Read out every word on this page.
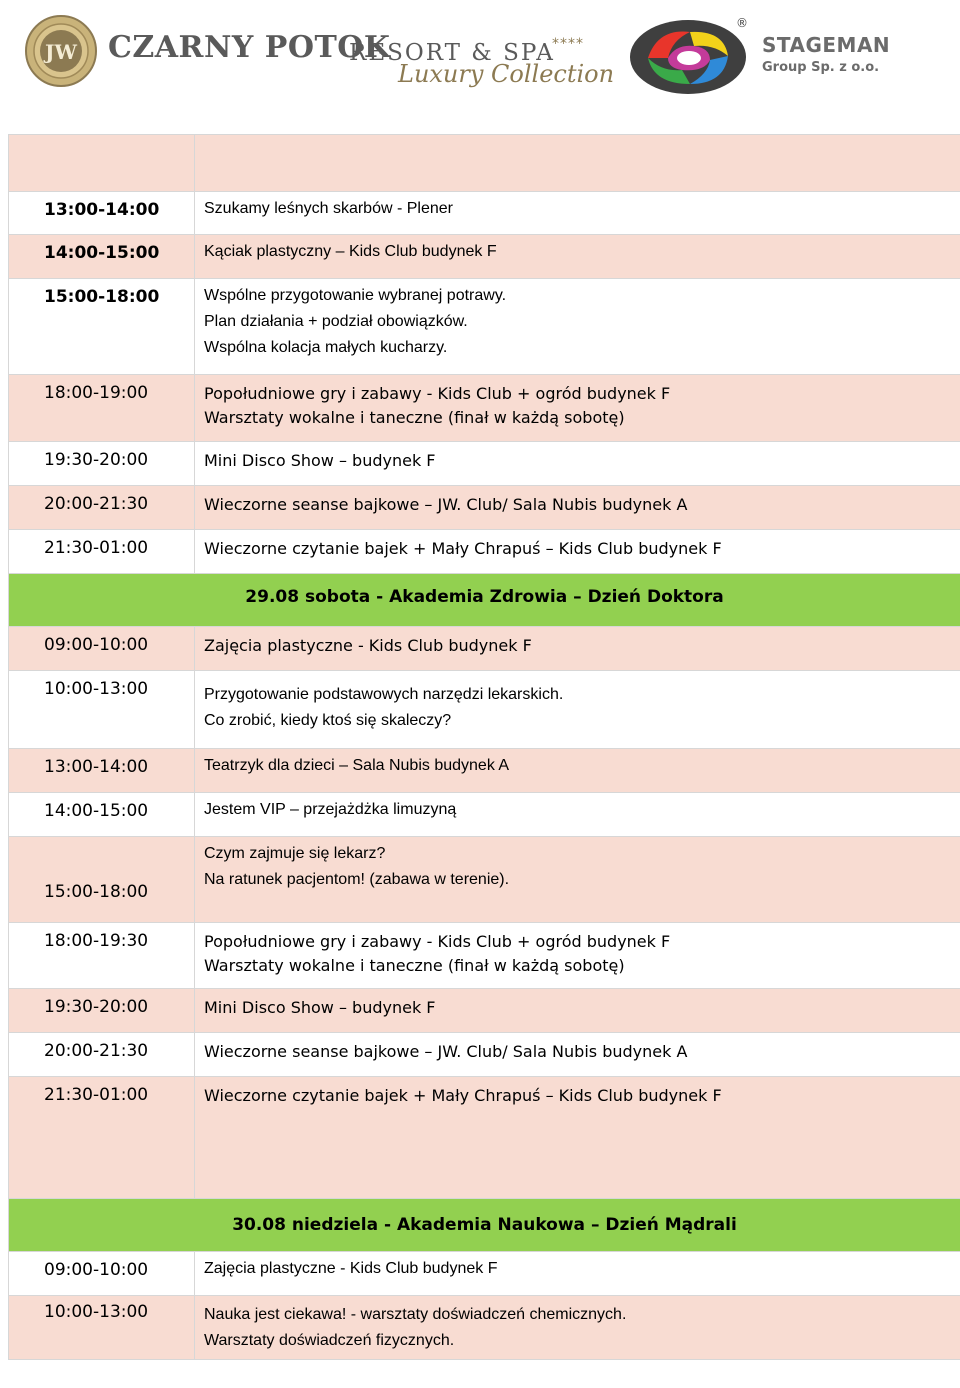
JW CZARNY POTOK
RESORT & SPA
****
Luxury Collection
®
STAGEMAN
Group Sp. z o.o.

13:00-14:00	Szukamy leśnych skarbów - Plener

14:00-15:00	Kąciak plastyczny – Kids Club budynek F

15:00-18:00	Wspólne przygotowanie wybranej potrawy.
Plan działania + podział obowiązków.
Wspólna kolacja małych kucharzy.

18:00-19:00	Popołudniowe gry i zabawy - Kids Club + ogród budynek F
Warsztaty wokalne i taneczne (finał w każdą sobotę)

19:30-20:00	Mini Disco Show – budynek F

20:00-21:30	Wieczorne seanse bajkowe – JW. Club/ Sala Nubis budynek A

21:30-01:00	Wieczorne czytanie bajek + Mały Chrapuś – Kids Club budynek F

29.08 sobota - Akademia Zdrowia – Dzień Doktora	

09:00-10:00	Zajęcia plastyczne - Kids Club budynek F

10:00-13:00	Przygotowanie podstawowych narzędzi lekarskich.
Co zrobić, kiedy ktoś się skaleczy?

13:00-14:00	Teatrzyk dla dzieci – Sala Nubis budynek A

14:00-15:00	Jestem VIP – przejażdżka limuzyną

15:00-18:00	Czym zajmuje się lekarz?
Na ratunek pacjentom! (zabawa w terenie).

18:00-19:30	Popołudniowe gry i zabawy - Kids Club + ogród budynek F
Warsztaty wokalne i taneczne (finał w każdą sobotę)

19:30-20:00	Mini Disco Show – budynek F

20:00-21:30	Wieczorne seanse bajkowe – JW. Club/ Sala Nubis budynek A

21:30-01:00	Wieczorne czytanie bajek + Mały Chrapuś – Kids Club budynek F

30.08 niedziela - Akademia Naukowa – Dzień Mądrali	

09:00-10:00	Zajęcia plastyczne - Kids Club budynek F

10:00-13:00	Nauka jest ciekawa! - warsztaty doświadczeń chemicznych.
Warsztaty doświadczeń fizycznych.
